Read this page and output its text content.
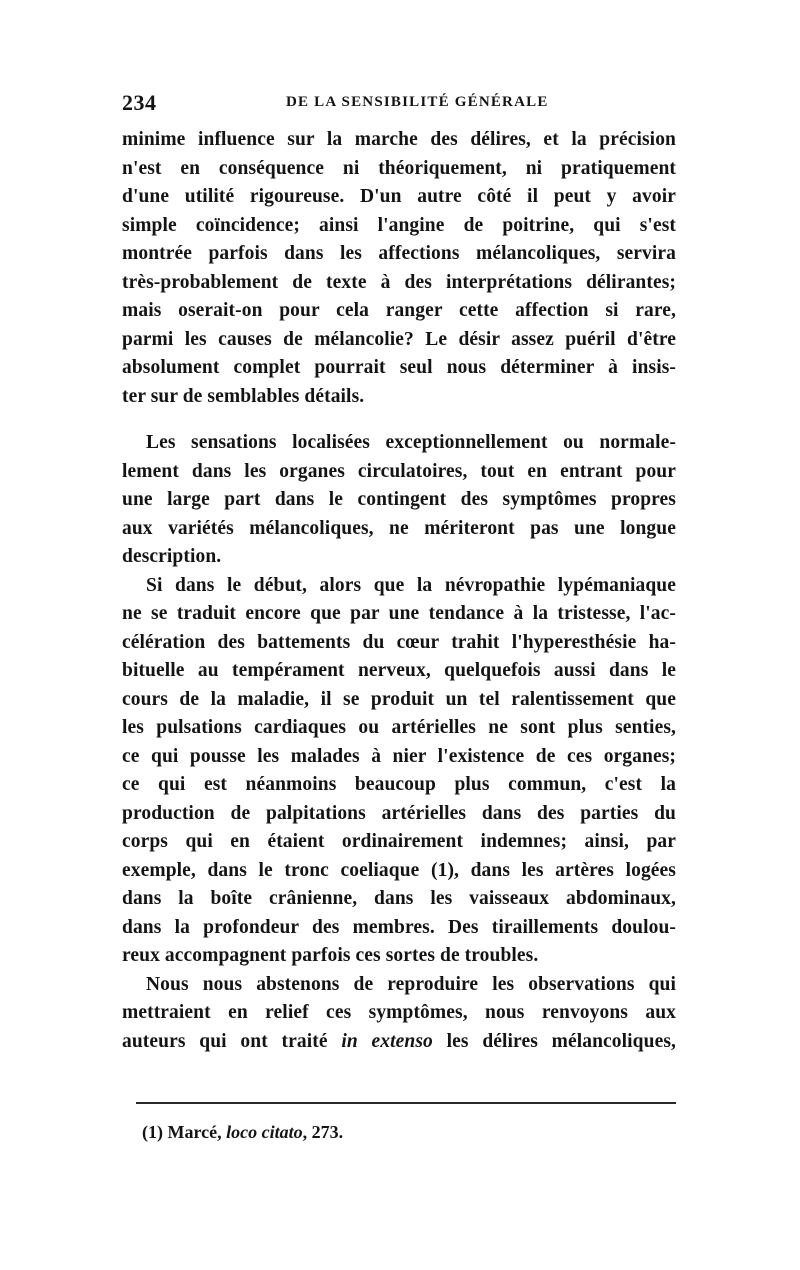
234	DE LA SENSIBILITÉ GÉNÉRALE
minime influence sur la marche des délires, et la précision
n'est en conséquence ni théoriquement, ni pratiquement
d'une utilité rigoureuse. D'un autre côté il peut y avoir
simple coïncidence; ainsi l'angine de poitrine, qui s'est
montrée parfois dans les affections mélancoliques, servira
très-probablement de texte à des interprétations délirantes;
mais oserait-on pour cela ranger cette affection si rare,
parmi les causes de mélancolie? Le désir assez puéril d'être
absolument complet pourrait seul nous déterminer à insis-
ter sur de semblables détails.
Les sensations localisées exceptionnellement ou normale-
lement dans les organes circulatoires, tout en entrant pour
une large part dans le contingent des symptômes propres
aux variétés mélancoliques, ne mériteront pas une longue
description.
Si dans le début, alors que la névropathie lypémaniaque
ne se traduit encore que par une tendance à la tristesse, l'ac-
célération des battements du cœur trahit l'hyperesthésie ha-
bituelle au tempérament nerveux, quelquefois aussi dans le
cours de la maladie, il se produit un tel ralentissement que
les pulsations cardiaques ou artérielles ne sont plus senties,
ce qui pousse les malades à nier l'existence de ces organes;
ce qui est néanmoins beaucoup plus commun, c'est la
production de palpitations artérielles dans des parties du
corps qui en étaient ordinairement indemnes; ainsi, par
exemple, dans le tronc coeliaque (1), dans les artères logées
dans la boîte crânienne, dans les vaisseaux abdominaux,
dans la profondeur des membres. Des tiraillements doulou-
reux accompagnent parfois ces sortes de troubles.
Nous nous abstenons de reproduire les observations qui
mettraient en relief ces symptômes, nous renvoyons aux
auteurs qui ont traité in extenso les délires mélancoliques,
(1) Marcé, loco citato, 273.
